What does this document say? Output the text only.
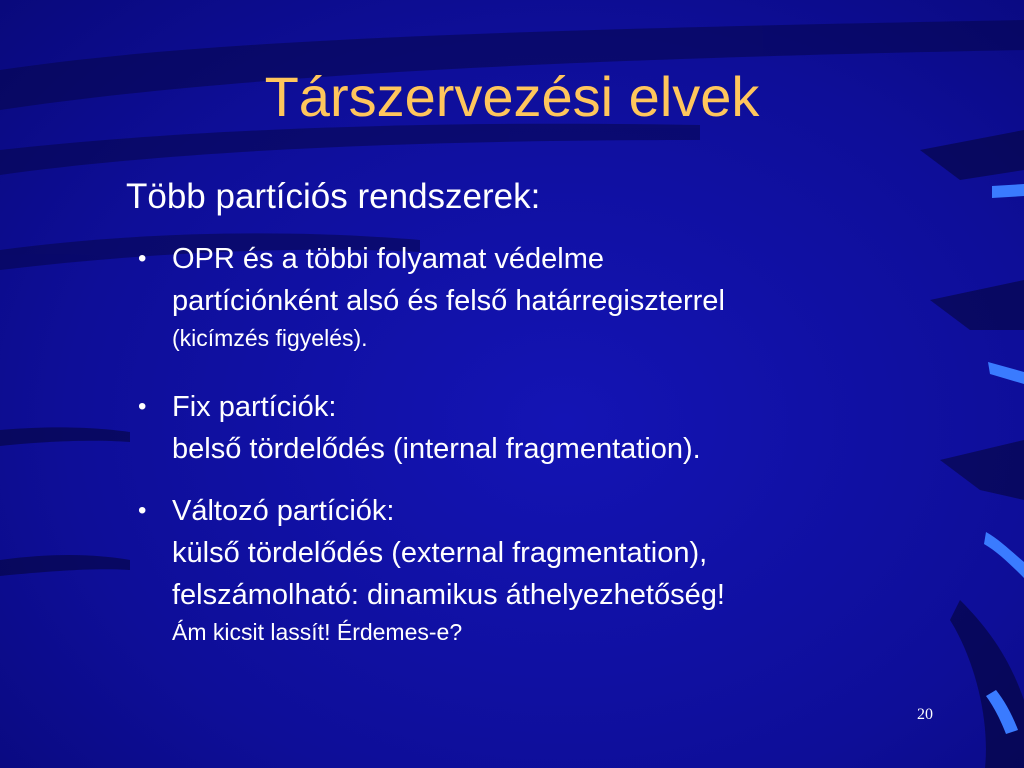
Társzervezési elvek
Több partíciós rendszerek:
• OPR és a többi folyamat védelme
partíciónként alsó és felső határregiszterrel
(kicímzés figyelés).
• Fix partíciók:
belső tördelődés (internal fragmentation).
• Változó partíciók:
külső tördelődés (external fragmentation),
felszámolható: dinamikus áthelyezhetőség!
Ám kicsit lassít! Érdemes-e?
20
